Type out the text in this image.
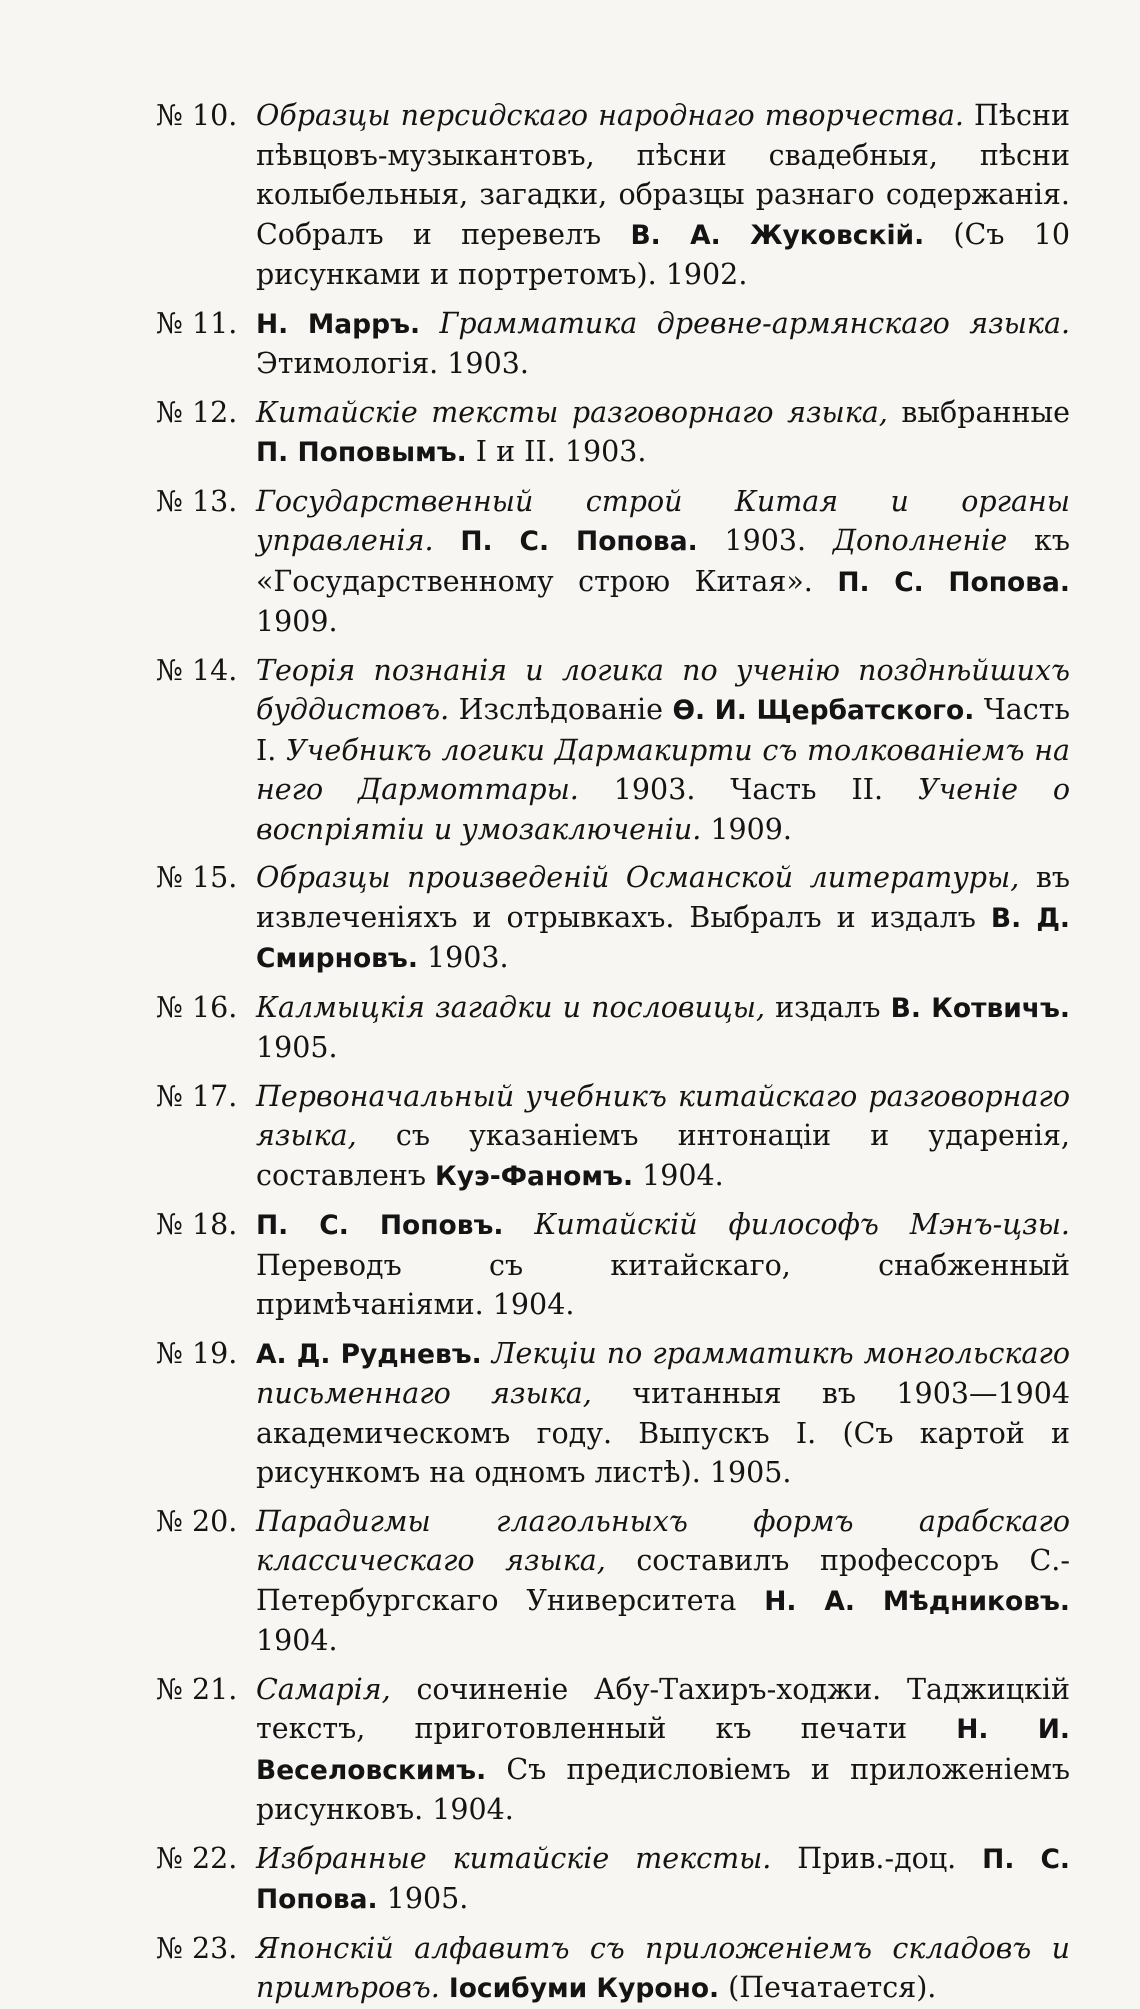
№ 10. Образцы персидскаго народнаго творчества. Пѣсни пѣвцовъ-музыкантовъ, пѣсни свадебныя, пѣсни колыбельныя, загадки, образцы разнаго содержанія. Собралъ и перевелъ В. А. Жуковскій. (Съ 10 рисунками и портретомъ). 1902.
№ 11. Н. Марръ. Грамматика древне-армянскаго языка. Этимологія. 1903.
№ 12. Китайскіе тексты разговорнаго языка, выбранные П. Поповымъ. I и II. 1903.
№ 13. Государственный строй Китая и органы управленія. П. С. Попова. 1903. Дополненіе къ «Государственному строю Китая». П. С. Попова. 1909.
№ 14. Теорія познанія и логика по ученію позднѣйшихъ буддистовъ. Изслѣдованіе Ѳ. И. Щербатского. Часть I. Учебникъ логики Дармакирти съ толкованіемъ на него Дармоттары. 1903. Часть II. Ученіе о воспріятіи и умозаключеніи. 1909.
№ 15. Образцы произведеній Османской литературы, въ извлеченіяхъ и отрывкахъ. Выбралъ и издалъ В. Д. Смирновъ. 1903.
№ 16. Калмыцкія загадки и пословицы, издалъ В. Котвичъ. 1905.
№ 17. Первоначальный учебникъ китайскаго разговорнаго языка, съ указаніемъ интонаціи и ударенія, составленъ Куэ-Фаномъ. 1904.
№ 18. П. С. Поповъ. Китайскій философъ Мэнъ-цзы. Переводъ съ китайскаго, снабженный примѣчаніями. 1904.
№ 19. А. Д. Рудневъ. Лекціи по грамматикѣ монгольскаго письменнаго языка, читанныя въ 1903—1904 академическомъ году. Выпускъ I. (Съ картой и рисункомъ на одномъ листѣ). 1905.
№ 20. Парадигмы глагольныхъ формъ арабскаго классическаго языка, составилъ профессоръ С.-Петербургскаго Университета Н. А. Мѣдниковъ. 1904.
№ 21. Самарія, сочиненіе Абу-Тахиръ-ходжи. Таджицкій текстъ, приготовленный къ печати Н. И. Веселовскимъ. Съ предисловіемъ и приложеніемъ рисунковъ. 1904.
№ 22. Избранные китайскіе тексты. Прив.-доц. П. С. Попова. 1905.
№ 23. Японскій алфавитъ съ приложеніемъ складовъ и примѣровъ. Іосибуми Куроно. (Печатается).
